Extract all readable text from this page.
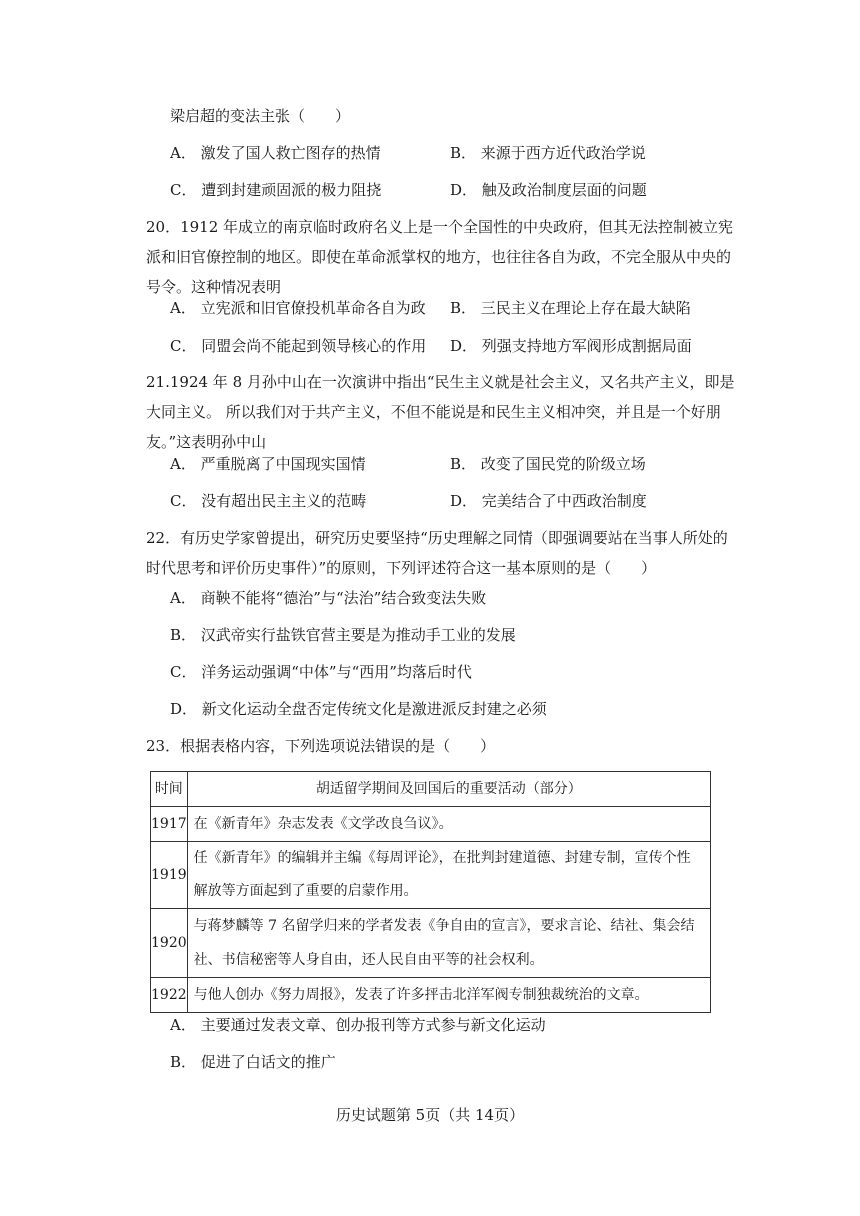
梁启超的变法主张（　　）
A． 激发了国人救亡图存的热情	B． 来源于西方近代政治学说
C． 遭到封建顽固派的极力阻挠	D． 触及政治制度层面的问题
20．1912 年成立的南京临时政府名义上是一个全国性的中央政府，但其无法控制被立宪派和旧官僚控制的地区。即使在革命派掌权的地方，也往往各自为政，不完全服从中央的号令。这种情况表明
A． 立宪派和旧官僚投机革命各自为政 B． 三民主义在理论上存在最大缺陷
C． 同盟会尚不能起到领导核心的作用 D． 列强支持地方军阀形成割据局面
21.1924 年 8 月孙中山在一次演讲中指出“民生主义就是社会主义，又名共产主义，即是大同主义。 所以我们对于共产主义，不但不能说是和民生主义相冲突，并且是一个好朋友。”这表明孙中山
A． 严重脱离了中国现实国情	B． 改变了国民党的阶级立场
C． 没有超出民主主义的范畴	D． 完美结合了中西政治制度
22．有历史学家曾提出，研究历史要坚持“历史理解之同情（即强调要站在当事人所处的时代思考和评价历史事件）”的原则，下列评述符合这一基本原则的是（　　）
A． 商鞅不能将“德治”与“法治”结合致变法失败
B． 汉武帝实行盐铁官营主要是为推动手工业的发展
C． 洋务运动强调“中体”与“西用”均落后时代
D． 新文化运动全盘否定传统文化是激进派反封建之必须
23．根据表格内容，下列选项说法错误的是（　　）
时间	胡适留学期间及回国后的重要活动（部分）
1917	在《新青年》杂志发表《文学改良刍议》。
1919	任《新青年》的编辑并主编《每周评论》，在批判封建道德、封建专制，宣传个性解放等方面起到了重要的启蒙作用。
1920	与蒋梦麟等 7 名留学归来的学者发表《争自由的宣言》，要求言论、结社、集会结社、书信秘密等人身自由，还人民自由平等的社会权利。
1922	与他人创办《努力周报》，发表了许多抨击北洋军阀专制独裁统治的文章。
A． 主要通过发表文章、创办报刊等方式参与新文化运动
B． 促进了白话文的推广
历史试题第 5页（共 14页）
